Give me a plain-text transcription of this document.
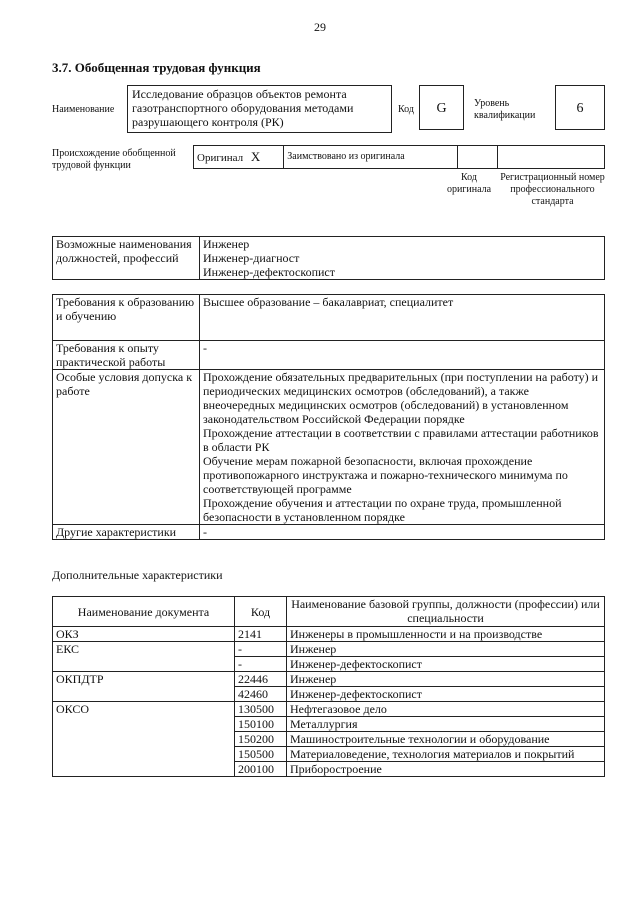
29
3.7. Обобщенная трудовая функция
Наименование
Исследование образцов объектов ремонта газотранспортного оборудования методами разрушающего контроля (РК)
Код	G	Уровень квалификации	6
Происхождение обобщенной трудовой функции
Оригинал X	Заимствовано из оригинала		
Код оригинала
Регистрационный номер профессионального стандарта
Возможные наименования должностей, профессий	
Инженер
Инженер-диагност
Инженер-дефектоскопист
Требования к образованию и обучению	Высшее образование – бакалавриат, специалитет
Требования к опыту практической работы	-
Особые условия допуска к работе	Прохождение обязательных предварительных (при поступлении на работу) и периодических медицинских осмотров (обследований), а также внеочередных медицинских осмотров (обследований) в установленном законодательством Российской Федерации порядке
Прохождение аттестации в соответствии с правилами аттестации работников в области РК
Обучение мерам пожарной безопасности, включая прохождение противопожарного инструктажа и пожарно-технического минимума по соответствующей программе
Прохождение обучения и аттестации по охране труда, промышленной безопасности в установленном порядке

Другие характеристики	-
Дополнительные характеристики
Наименование документа	Код	Наименование базовой группы, должности (профессии) или специальности
ОКЗ	2141	Инженеры в промышленности и на производстве
ЕКС	-	Инженер
	-	Инженер-дефектоскопист
ОКПДТР	22446	Инженер
	42460	Инженер-дефектоскопист
ОКСО	130500	Нефтегазовое дело
	150100	Металлургия
	150200	Машиностроительные технологии и оборудование
	150500	Материаловедение, технология материалов и покрытий
	200100	Приборостроение
